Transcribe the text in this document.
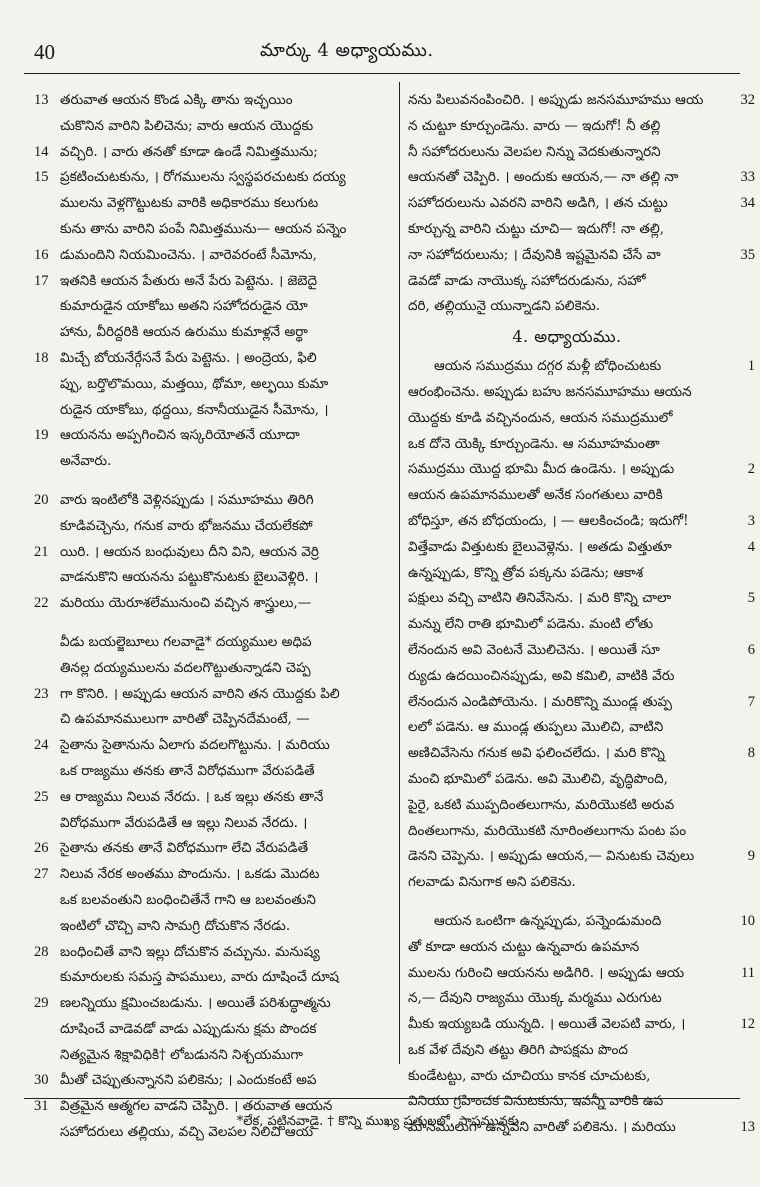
40	మార్కు 4 అధ్యాయము.
13 తరువాత ఆయన కొండ ఎక్కి తాను ఇచ్ఛయిం
చుకొనిన వారిని పిలిచెను; వారు ఆయన యొద్దకు
14 వచ్చిరి. । వారు తనతో కూడా ఉండే నిమిత్తమును;
15 ప్రకటించుటకును, । రోగములను స్వస్థపరచుటకు దయ్య
ములను వెళ్లగొట్టుటకు వారికి అధికారము కలుగుట
కును తాను వారిని పంపే నిమిత్తమును— ఆయన పన్నెం
16 డుమందిని నియమించెను. । వారెవరంటే సీమోను,
17 ఇతనికి ఆయన పేతురు అనే పేరు పెట్టెను. । జెబెదై
కుమారుడైన యాకోబు అతని సహోదరుడైన యో
హాను, వీరిద్దరికి ఆయన ఉరుము కుమాళ్లనే అర్థా
18 మిచ్చే బోయనేర్గేసనే పేరు పెట్టెను. । అంద్రెయ, ఫిలి
ప్పు, బర్తొలొమయి, మత్తయి, థోమా, అల్ఫయి కుమా
రుడైన యాకోబు, థద్దయి, కనానీయుడైన సీమోను, ।
19 ఆయనను అప్పగించిన ఇస్కరియోతనే యూదా
అనేవారు.
20 వారు ఇంటిలోకి వెళ్లినప్పుడు । సమూహము తిరిగి
కూడివచ్చెను, గనుక వారు భోజనము చేయలేకపో
21 యిరి. । ఆయన బంధువులు దీని విని, ఆయన వెర్రి
వాడనుకొని ఆయనను పట్టుకొనుటకు బైలువెళ్లిరి. ।
22 మరియు యెరూశలేమునుంచి వచ్చిన శాస్త్రులు,—
వీడు బయల్జెబూలు గలవాడై* దయ్యముల అధిప
తినల్ల దయ్యములను వదలగొట్టుతున్నాడని చెప్ప
23 గా కొనిరి. । అప్పుడు ఆయన వారిని తన యొద్దకు పిలి
చి ఉపమానములుగా వారితో చెప్పినదేమంటే, —
24 సైతాను సైతానును ఏలాగు వదలగొట్టును. । మరియు
ఒక రాజ్యము తనకు తానే విరోధముగా వేరుపడితే
25 ఆ రాజ్యము నిలువ నేరదు. । ఒక ఇల్లు తనకు తానే
విరోధముగా వేరుపడితే ఆ ఇల్లు నిలువ నేరదు. ।
26 సైతాను తనకు తానే విరోధముగా లేచి వేరుపడితే
27 నిలువ నేరక అంతము పొందును. । ఒకడు మొదట
ఒక బలవంతుని బంధించితేనే గాని ఆ బలవంతుని
ఇంటిలో చొచ్చి వాని సామగ్రి దోచుకొన నేరడు.
28 బంధించితే వాని ఇల్లు దోచుకొన వచ్చును. మనుష్య
కుమారులకు సమస్త పాపములు, వారు దూషించే దూష
29 ణలన్నియు క్షమించబడును. । అయితే పరిశుద్ధాత్మను
దూషించే వాడెవడో వాడు ఎప్పుడును క్షమ పొందక
నిత్యమైన శిక్షావిధికి† లోబడునని నిశ్చయముగా
30 మీతో చెప్పుతున్నానని పలికెను; । ఎందుకంటే అప
31 విత్రమైన ఆత్మగల వాడని చెప్పిరి. । తరువాత ఆయన
సహోదరులు తల్లియు, వచ్చి వెలపల నిలిచి ఆయ
నను పిలువనంపించిరి. । అప్పుడు జనసమూహము ఆయ
న చుట్టూ కూర్చుండెను. వారు — ఇదుగో! నీ తల్లి
నీ సహోదరులును వెలపల నిన్ను వెదకుతున్నారని
ఆయనతో చెప్పిరి. । అందుకు ఆయన,— నా తల్లి నా
సహోదరులును ఎవరని వారిని అడిగి, । తన చుట్టు
కూర్చున్న వారిని చుట్టు చూచి— ఇదుగో! నా తల్లి,
నా సహోదరులును; । దేవునికి ఇష్టమైనవి చేసే వా
డెవడో వాడు నాయొక్క సహోదరుడును, సహో
దరి, తల్లియునై యున్నాడని పలికెను.
4. అధ్యాయము.
ఆయన సముద్రము దగ్గర మళ్లీ బోధించుటకు
ఆరంభించెను. అప్పుడు బహు జనసమూహము ఆయన
యొద్దకు కూడి వచ్చినందున, ఆయన సముద్రములో
ఒక దోనె యెక్కి కూర్చుండెను. ఆ సమూహమంతా
సముద్రము యొద్ద భూమి మీద ఉండెను. । అప్పుడు
ఆయన ఉపమానములతో అనేక సంగతులు వారికి
బోధిస్తూ, తన బోధయందు, । — ఆలకించండి; ఇదుగో!
విత్తేవాడు విత్తుటకు బైలువెళ్లెను. । అతడు విత్తుతూ
ఉన్నప్పుడు, కొన్ని త్రోవ పక్కను పడెను; ఆకాశ
పక్షులు వచ్చి వాటిని తినివేసెను. । మరి కొన్ని చాలా
మన్ను లేని రాతి భూమిలో పడెను. మంటి లోతు
లేనందున అవి వెంటనే మొలిచెను. । అయితే సూ
ర్యుడు ఉదయించినప్పుడు, అవి కమిలి, వాటికి వేరు
లేనందున ఎండిపోయెను. । మరికొన్ని ముండ్ల తుప్ప
లలో పడెను. ఆ ముండ్ల తుప్పలు మొలిచి, వాటిని
అణిచివేసెను గనుక అవి ఫలించలేదు. । మరి కొన్ని
మంచి భూమిలో పడెను. అవి మొలిచి, వృద్ధిపొంది,
పైరై, ఒకటి ముప్పదింతలుగాను, మరియొకటి అరువ
దింతలుగాను, మరియొకటి నూరింతలుగాను పంట పం
డెనని చెప్పెను. । అప్పుడు ఆయన,— వినుటకు చెవులు
గలవాడు వినుగాక అని పలికెను.
ఆయన ఒంటిగా ఉన్నప్పుడు, పన్నెండుమంది
తో కూడా ఆయన చుట్టు ఉన్నవారు ఉపమాన
ములను గురించి ఆయనను అడిగిరి. । అప్పుడు ఆయ
న,— దేవుని రాజ్యము యొక్క మర్మము ఎరుగుట
మీకు ఇయ్యబడి యున్నది. । అయితే వెలపటి వారు, ।
ఒక వేళ దేవుని తట్టు తిరిగి పాపక్షమ పొంద
కుండేటట్టు, వారు చూచియు కానక చూచుటకు,
వినియు గ్రహించక వినుటకును, ఇవన్నీ వారికి ఉప
మానములుగా ఉన్నవని వారితో పలికెను. । మరియు
32
33
34
35
1
2
3
4
5
6
7
8
9
10
11
12
13
*లేక, పట్టినవాడై. † కొన్ని ముఖ్య ప్రతులలో, పాపమునకు.
